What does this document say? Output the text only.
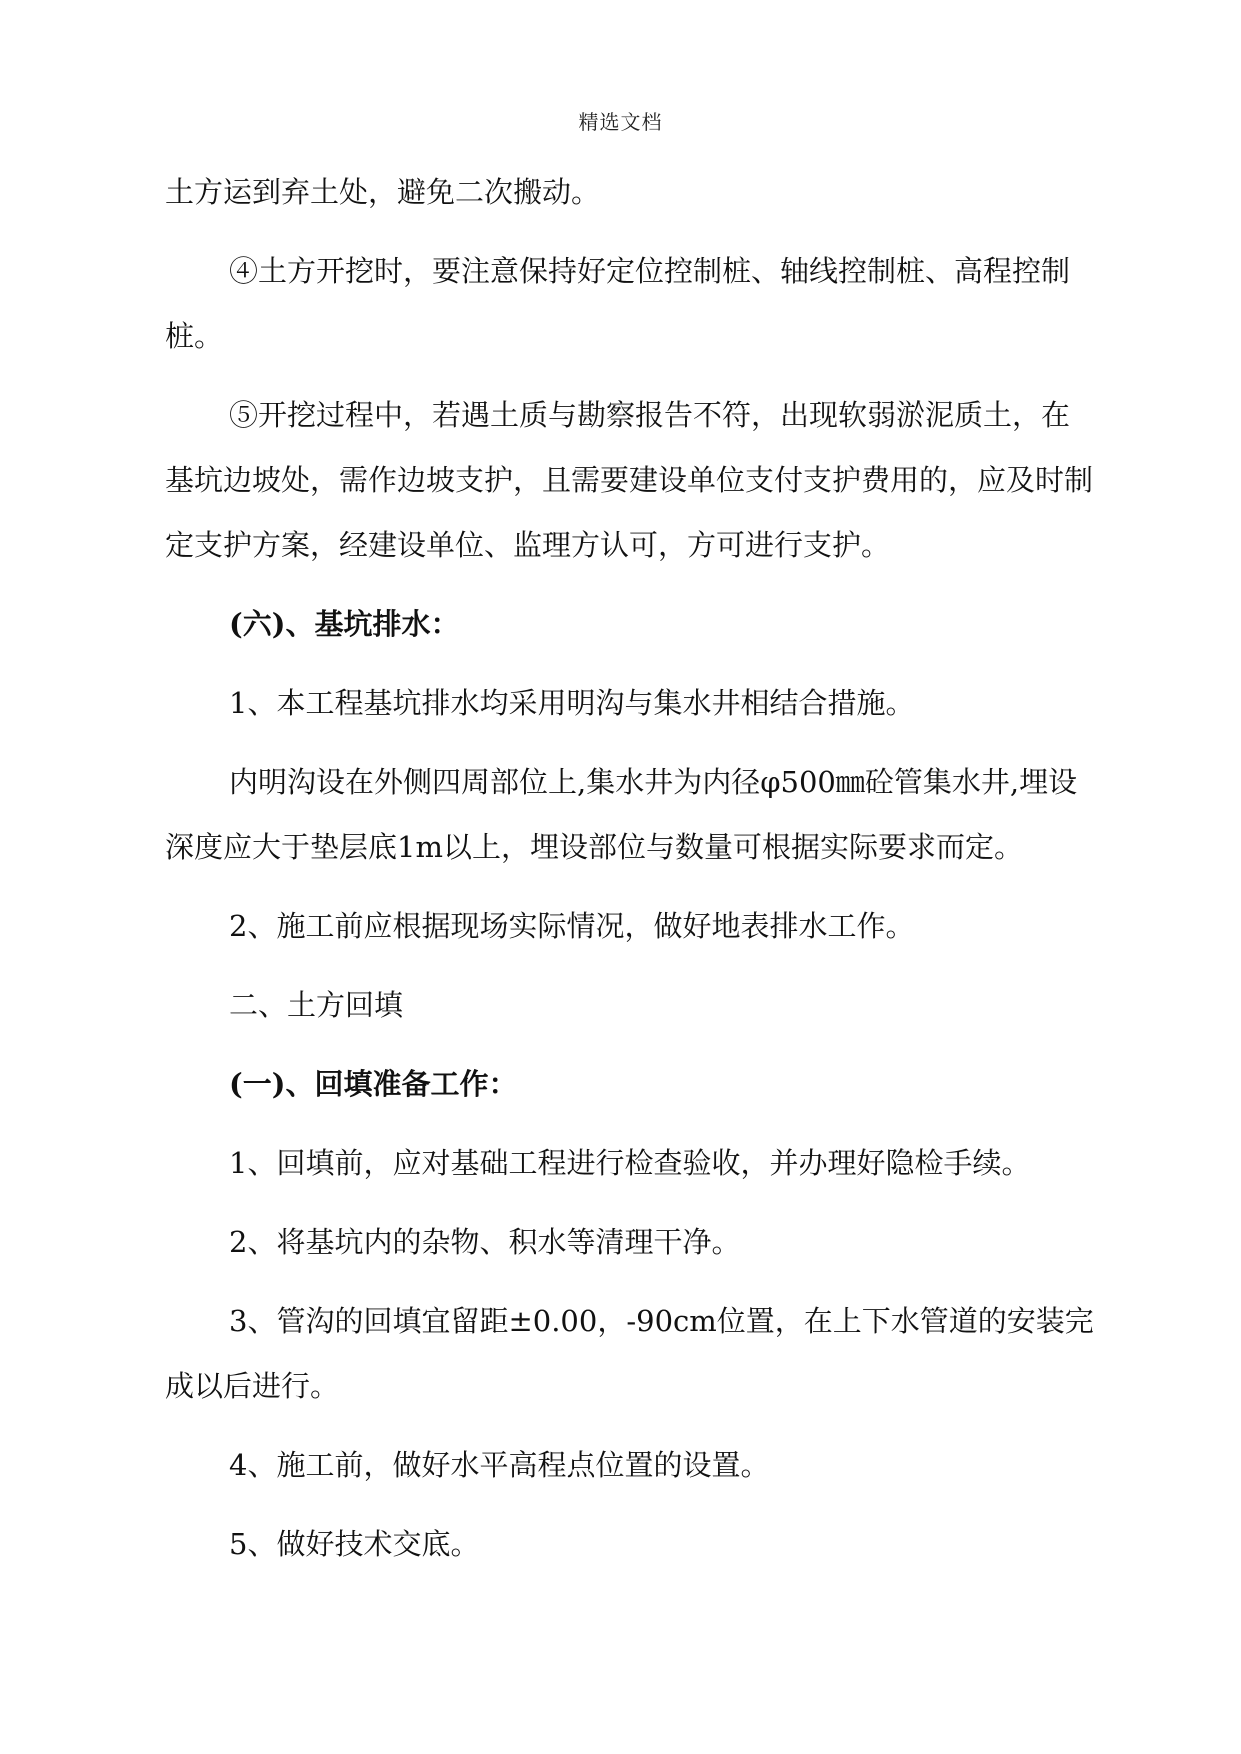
精选文档

土方运到弃土处，避免二次搬动。

④土方开挖时，要注意保持好定位控制桩、轴线控制桩、高程控制桩。

⑤开挖过程中，若遇土质与勘察报告不符，出现软弱淤泥质土，在基坑边坡处，需作边坡支护，且需要建设单位支付支护费用的，应及时制定支护方案，经建设单位、监理方认可，方可进行支护。

(六)、基坑排水：

1、本工程基坑排水均采用明沟与集水井相结合措施。

内明沟设在外侧四周部位上,集水井为内径φ500㎜砼管集水井,埋设深度应大于垫层底1m以上，埋设部位与数量可根据实际要求而定。

2、施工前应根据现场实际情况，做好地表排水工作。

二、土方回填

(一)、回填准备工作：

1、回填前，应对基础工程进行检查验收，并办理好隐检手续。

2、将基坑内的杂物、积水等清理干净。

3、管沟的回填宜留距±0.00，-90cm位置，在上下水管道的安装完成以后进行。

4、施工前，做好水平高程点位置的设置。

5、做好技术交底。
